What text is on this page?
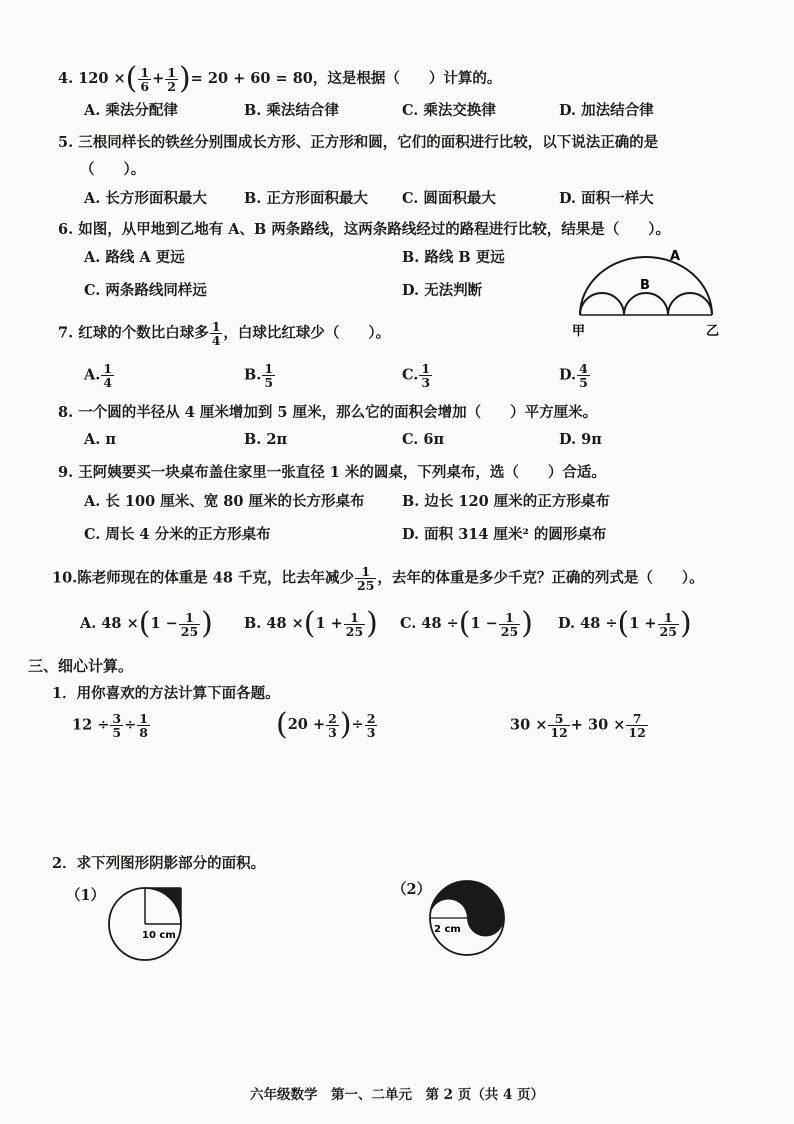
4. 120 ×( $\frac{1}{6} + \frac{1}{2}$ )= 20 + 60 = 80，这是根据（　　）计算的。
A. 乘法分配律	B. 乘法结合律	C. 乘法交换律	D. 加法结合律
5. 三根同样长的铁丝分别围成长方形、正方形和圆，它们的面积进行比较，以下说法正确的是
（　　）。
A. 长方形面积最大	B. 正方形面积最大 C. 圆面积最大	D. 面积一样大
6. 如图，从甲地到乙地有 A、B 两条路线，这两条路线经过的路程进行比较，结果是（　　）。
A. 路线 A 更远	B. 路线 B 更远
C. 两条路线同样远	D. 无法判断
A
B
甲	乙
7. 红球的个数比白球多 $\frac{1}{4}$ ，白球比红球少（　　）。
A. $\frac{1}{4}$	B. $\frac{1}{5}$	C. $\frac{1}{3}$	D. $\frac{4}{5}$
8. 一个圆的半径从 4 厘米增加到 5 厘米，那么它的面积会增加（　　）平方厘米。
A. π	B. 2π	C. 6π	D. 9π
9. 王阿姨要买一块桌布盖住家里一张直径 1 米的圆桌，下列桌布，选（　　）合适。
A. 长 100 厘米、宽 80 厘米的长方形桌布	B. 边长 120 厘米的正方形桌布
C. 周长 4 分米的正方形桌布	D. 面积 314 厘米² 的圆形桌布
10.陈老师现在的体重是 48 千克，比去年减少 $\frac{1}{25}$ ，去年的体重是多少千克？正确的列式是（　　）。
A. $48 \times(1 - \frac{1}{25}$ ) B. $48 \times(1 + \frac{1}{25}$ ) C. $48 \div(1 - \frac{1}{25}$ ) D. $48 \div(1 + \frac{1}{25}$ )
三、细心计算。
1．用你喜欢的方法计算下面各题。
$12 \div \frac{3}{5} \div \frac{1}{8}$	($20 + \frac{2}{3}$ )÷ $\frac{2}{3}$	$30 \times \frac{5}{12} + 30 \times \frac{7}{12}$
2．求下列图形阴影部分的面积。
（1）	（2）
10 cm
2 cm
六年级数学　第一、二单元　第 2 页（共 4 页）
